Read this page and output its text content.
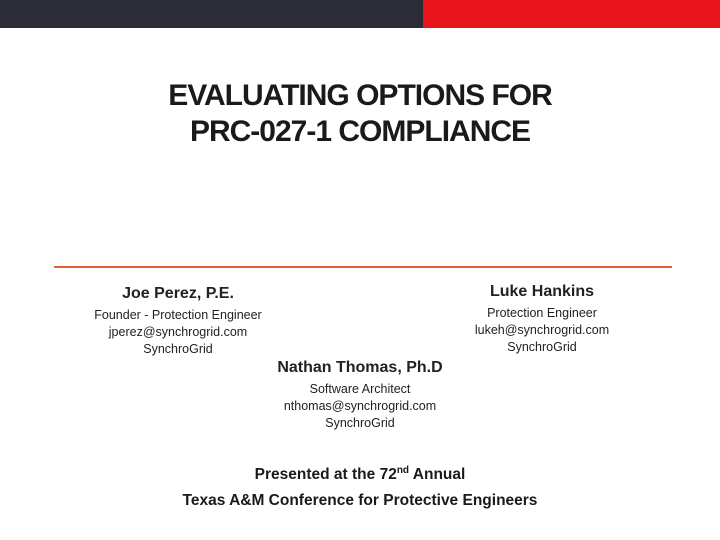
EVALUATING OPTIONS FOR
PRC-027-1 COMPLIANCE
Joe Perez, P.E.
Founder - Protection Engineer
jperez@synchrogrid.com
SynchroGrid
Luke Hankins
Protection Engineer
lukeh@synchrogrid.com
SynchroGrid
Nathan Thomas, Ph.D
Software Architect
nthomas@synchrogrid.com
SynchroGrid
Presented at the 72nd Annual
Texas A&M Conference for Protective Engineers
